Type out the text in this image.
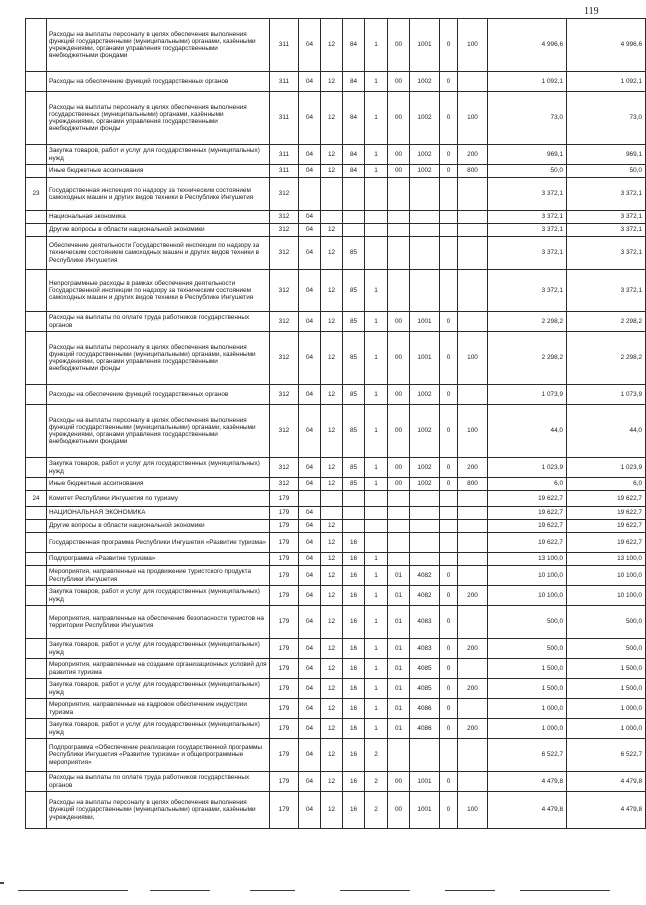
119
	Расходы на выплаты персоналу в целях обеспечения выполнения функций государственными (муниципальными) органами, казёнными учреждениями, органами управления государственными внебюджетными фондами	311	04	12	84	1	00	1001	0	100	4 996,6	4 996,6
	Расходы на обеспечение функций государственных органов	311	04	12	84	1	00	1002	0		1 092,1	1 092,1
	Расходы на выплаты персоналу в целях обеспечения выполнения государственных (муниципальными) органами, казёнными учреждениями, органами управления государственными внебюджетными фонды	311	04	12	84	1	00	1002	0	100	73,0	73,0
	Закупка товаров, работ и услуг для государственных (муниципальных) нужд	311	04	12	84	1	00	1002	0	200	969,1	969,1
	Иные бюджетные ассигнования	311	04	12	84	1	00	1002	0	800	50,0	50,0
23	Государственная инспекция по надзору за техническим состоянием самоходных машин и других видов техники в Республике Ингушетия	312									3 372,1	3 372,1
	Национальная экономика	312	04								3 372,1	3 372,1
	Другие вопросы в области национальной экономики	312	04	12							3 372,1	3 372,1
	Обеспечение деятельности Государственной инспекции по надзору за техническим состоянием самоходных машин и других видов техники в Республике Ингушетия	312	04	12	85						3 372,1	3 372,1
	Непрограммные расходы в рамках обеспечения деятельности Государственной инспекции по надзору за техническим состоянием самоходных машин и других видов техники в Республике Ингушетия	312	04	12	85	1					3 372,1	3 372,1
	Расходы на выплаты по оплате труда работников государственных органов	312	04	12	85	1	00	1001	0		2 298,2	2 298,2
	Расходы на выплаты персоналу в целях обеспечения выполнения функций государственными (муниципальными) органами, казёнными учреждениями, органами управления государственными внебюджетными фонды	312	04	12	85	1	00	1001	0	100	2 298,2	2 298,2
	Расходы на обеспечение функций государственных органов	312	04	12	85	1	00	1002	0		1 073,9	1 073,9
	Расходы на выплаты персоналу в целях обеспечения выполнения функций государственными (муниципальными) органами, казёнными учреждениями, органами управления государственными внебюджетными фондами	312	04	12	85	1	00	1002	0	100	44,0	44,0
	Закупка товаров, работ и услуг для государственных (муниципальных) нужд	312	04	12	85	1	00	1002	0	200	1 023,9	1 023,9
	Иные бюджетные ассигнования	312	04	12	85	1	00	1002	0	800	6,0	6,0
24	Комитет Республики Ингушетия по туризму	179									19 622,7	19 622,7
	НАЦИОНАЛЬНАЯ ЭКОНОМИКА	179	04								19 622,7	19 622,7
	Другие вопросы в области национальной экономики	179	04	12							19 622,7	19 622,7
	Государственная программа Республики Ингушетия «Развитие туризма»	179	04	12	16						19 622,7	19 622,7
	Подпрограмма «Развитие туризма»	179	04	12	16	1					13 100,0	13 100,0
	Мероприятия, направленные на продвижение туристского продукта Республики Ингушетия	179	04	12	16	1	01	4082	0		10 100,0	10 100,0
	Закупка товаров, работ и услуг для государственных (муниципальных) нужд	179	04	12	16	1	01	4082	0	200	10 100,0	10 100,0
	Мероприятия, направленные на обеспечение безопасности туристов на территории Республики Ингушетия	179	04	12	16	1	01	4083	0		500,0	500,0
	Закупка товаров, работ и услуг для государственных (муниципальных) нужд	179	04	12	16	1	01	4083	0	200	500,0	500,0
	Мероприятия, направленные на создание организационных условий для развития туризма	179	04	12	16	1	01	4085	0		1 500,0	1 500,0
	Закупка товаров, работ и услуг для государственных (муниципальных) нужд	179	04	12	16	1	01	4085	0	200	1 500,0	1 500,0
	Мероприятия, направленные на кадровое обеспечение индустрии туризма	179	04	12	16	1	01	4086	0		1 000,0	1 000,0
	Закупка товаров, работ и услуг для государственных (муниципальных) нужд	179	04	12	16	1	01	4086	0	200	1 000,0	1 000,0
	Подпрограмма «Обеспечение реализации государственной программы Республики Ингушетия «Развитие туризма» и общепрограммные мероприятия»	179	04	12	16	2					6 522,7	6 522,7
	Расходы на выплаты по оплате труда работников государственных органов	179	04	12	16	2	00	1001	0		4 479,8	4 479,8
	Расходы на выплаты персоналу в целях обеспечения выполнения функций государственными (муниципальными) органами, казёнными учреждениями,	179	04	12	16	2	00	1001	0	100	4 479,8	4 479,8
